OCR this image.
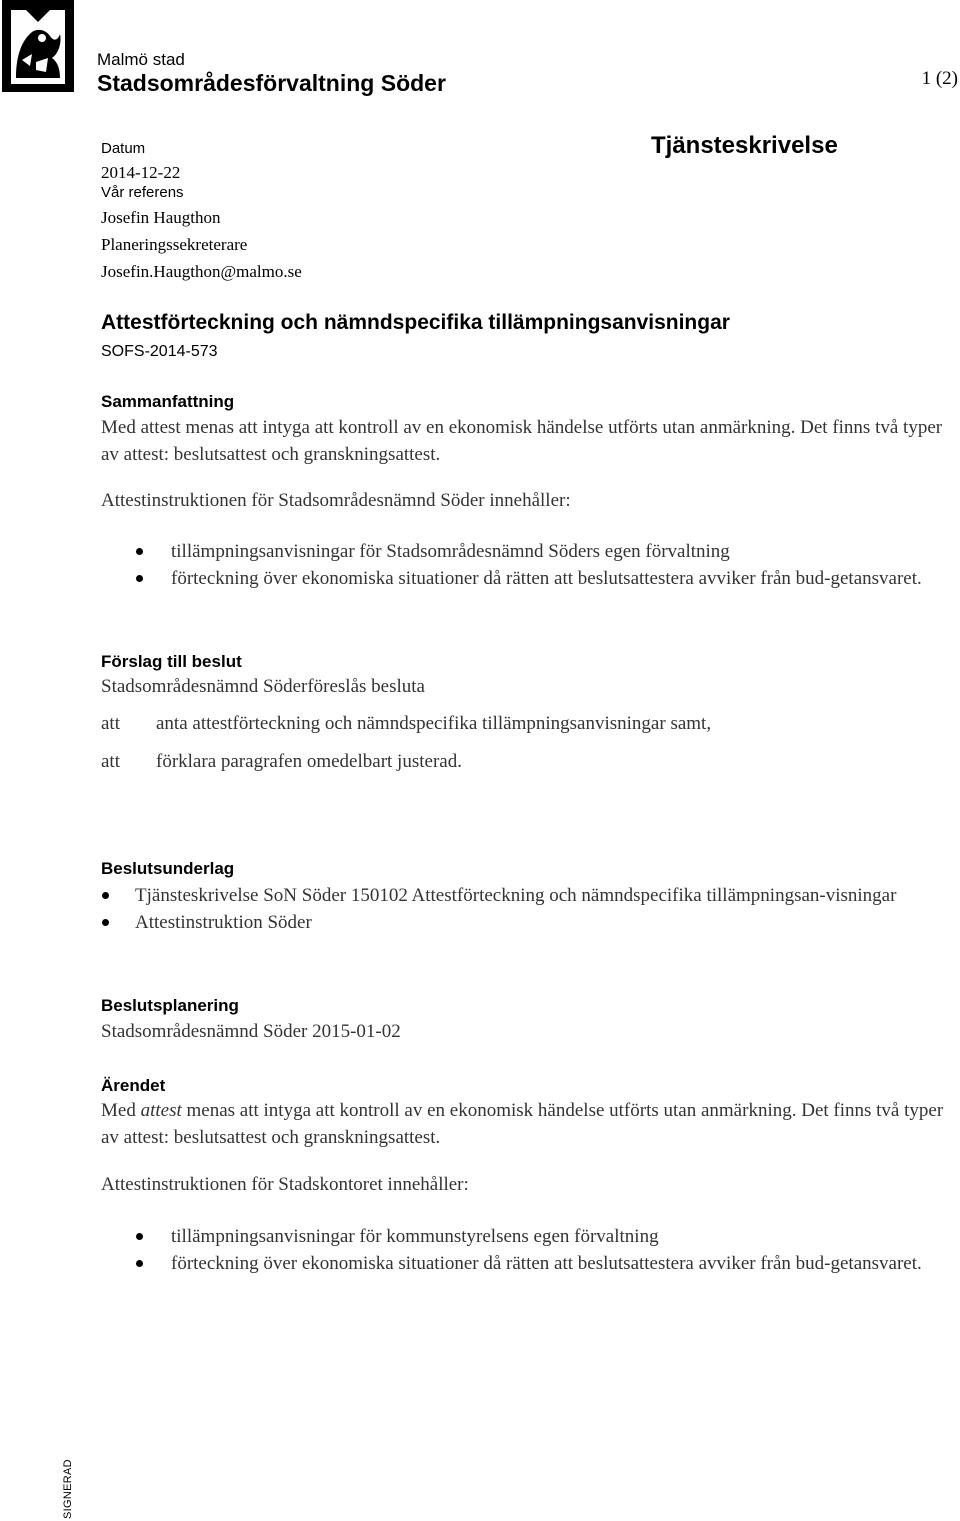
Malmö stad
Stadsområdesförvaltning Söder	1 (2)
Tjänsteskrivelse
Datum
2014-12-22
Vår referens
Josefin Haugthon
Planeringssekreterare
Josefin.Haugthon@malmo.se
Attestförteckning och nämndspecifika tillämpningsanvisningar
SOFS-2014-573
Sammanfattning
Med attest menas att intyga att kontroll av en ekonomisk händelse utförts utan anmärkning. Det finns två typer av attest: beslutsattest och granskningsattest.
Attestinstruktionen för Stadsområdesnämnd Söder innehåller:
tillämpningsanvisningar för Stadsområdesnämnd Söders egen förvaltning
förteckning över ekonomiska situationer då rätten att beslutsattestera avviker från bud-getansvaret.
Förslag till beslut
Stadsområdesnämnd Söderföreslås besluta
att anta attestförteckning och nämndspecifika tillämpningsanvisningar samt,
att förklara paragrafen omedelbart justerad.
Beslutsunderlag
Tjänsteskrivelse SoN Söder 150102 Attestförteckning och nämndspecifika tillämpningsan-visningar
Attestinstruktion Söder
Beslutsplanering
Stadsområdesnämnd Söder 2015-01-02
Ärendet
Med attest menas att intyga att kontroll av en ekonomisk händelse utförts utan anmärkning. Det finns två typer av attest: beslutsattest och granskningsattest.
Attestinstruktionen för Stadskontoret innehåller:
tillämpningsanvisningar för kommunstyrelsens egen förvaltning
förteckning över ekonomiska situationer då rätten att beslutsattestera avviker från bud-getansvaret.
SIGNERAD
